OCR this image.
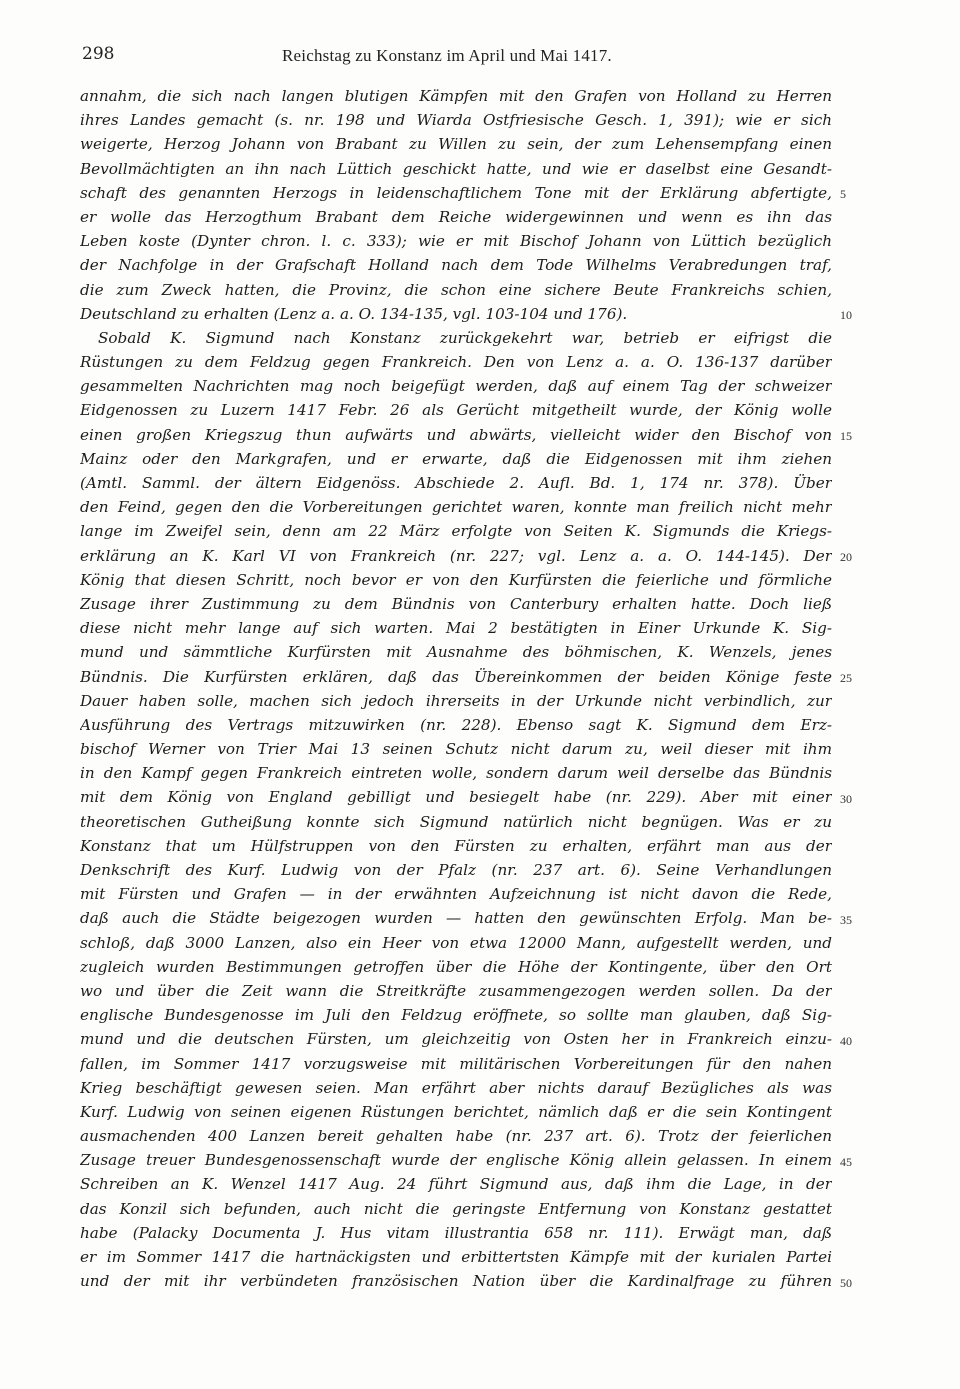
298	Reichstag zu Konstanz im April und Mai 1417.
annahm, die sich nach langen blutigen Kämpfen mit den Grafen von Holland zu Herren
ihres Landes gemacht (s. nr. 198 und Wiarda Ostfriesische Gesch. 1, 391); wie er sich
weigerte, Herzog Johann von Brabant zu Willen zu sein, der zum Lehensempfang einen
Bevollmächtigten an ihn nach Lüttich geschickt hatte, und wie er daselbst eine Gesandt-
schaft des genannten Herzogs in leidenschaftlichem Tone mit der Erklärung abfertigte,
er wolle das Herzogthum Brabant dem Reiche widergewinnen und wenn es ihn das
Leben koste (Dynter chron. l. c. 333); wie er mit Bischof Johann von Lüttich bezüglich
der Nachfolge in der Grafschaft Holland nach dem Tode Wilhelms Verabredungen traf,
die zum Zweck hatten, die Provinz, die schon eine sichere Beute Frankreichs schien,
Deutschland zu erhalten (Lenz a. a. O. 134-135, vgl. 103-104 und 176).
Sobald K. Sigmund nach Konstanz zurückgekehrt war, betrieb er eifrigst die
Rüstungen zu dem Feldzug gegen Frankreich. Den von Lenz a. a. O. 136-137 darüber
gesammelten Nachrichten mag noch beigefügt werden, daß auf einem Tag der schweizer
Eidgenossen zu Luzern 1417 Febr. 26 als Gerücht mitgetheilt wurde, der König wolle
einen großen Kriegszug thun aufwärts und abwärts, vielleicht wider den Bischof von
Mainz oder den Markgrafen, und er erwarte, daß die Eidgenossen mit ihm ziehen
(Amtl. Samml. der ältern Eidgenöss. Abschiede 2. Aufl. Bd. 1, 174 nr. 378). Über
den Feind, gegen den die Vorbereitungen gerichtet waren, konnte man freilich nicht mehr
lange im Zweifel sein, denn am 22 März erfolgte von Seiten K. Sigmunds die Kriegs-
erklärung an K. Karl VI von Frankreich (nr. 227; vgl. Lenz a. a. O. 144-145). Der
König that diesen Schritt, noch bevor er von den Kurfürsten die feierliche und förmliche
Zusage ihrer Zustimmung zu dem Bündnis von Canterbury erhalten hatte. Doch ließ
diese nicht mehr lange auf sich warten. Mai 2 bestätigten in Einer Urkunde K. Sig-
mund und sämmtliche Kurfürsten mit Ausnahme des böhmischen, K. Wenzels, jenes
Bündnis. Die Kurfürsten erklären, daß das Übereinkommen der beiden Könige feste
Dauer haben solle, machen sich jedoch ihrerseits in der Urkunde nicht verbindlich, zur
Ausführung des Vertrags mitzuwirken (nr. 228). Ebenso sagt K. Sigmund dem Erz-
bischof Werner von Trier Mai 13 seinen Schutz nicht darum zu, weil dieser mit ihm
in den Kampf gegen Frankreich eintreten wolle, sondern darum weil derselbe das Bündnis
mit dem König von England gebilligt und besiegelt habe (nr. 229). Aber mit einer
theoretischen Gutheißung konnte sich Sigmund natürlich nicht begnügen. Was er zu
Konstanz that um Hülfstruppen von den Fürsten zu erhalten, erfährt man aus der
Denkschrift des Kurf. Ludwig von der Pfalz (nr. 237 art. 6). Seine Verhandlungen
mit Fürsten und Grafen — in der erwähnten Aufzeichnung ist nicht davon die Rede,
daß auch die Städte beigezogen wurden — hatten den gewünschten Erfolg. Man be-
schloß, daß 3000 Lanzen, also ein Heer von etwa 12000 Mann, aufgestellt werden, und
zugleich wurden Bestimmungen getroffen über die Höhe der Kontingente, über den Ort
wo und über die Zeit wann die Streitkräfte zusammengezogen werden sollen. Da der
englische Bundesgenosse im Juli den Feldzug eröffnete, so sollte man glauben, daß Sig-
mund und die deutschen Fürsten, um gleichzeitig von Osten her in Frankreich einzu-
fallen, im Sommer 1417 vorzugsweise mit militärischen Vorbereitungen für den nahen
Krieg beschäftigt gewesen seien. Man erfährt aber nichts darauf Bezügliches als was
Kurf. Ludwig von seinen eigenen Rüstungen berichtet, nämlich daß er die sein Kontingent
ausmachenden 400 Lanzen bereit gehalten habe (nr. 237 art. 6). Trotz der feierlichen
Zusage treuer Bundesgenossenschaft wurde der englische König allein gelassen. In einem
Schreiben an K. Wenzel 1417 Aug. 24 führt Sigmund aus, daß ihm die Lage, in der
das Konzil sich befunden, auch nicht die geringste Entfernung von Konstanz gestattet
habe (Palacky Documenta J. Hus vitam illustrantia 658 nr. 111). Erwägt man, daß
er im Sommer 1417 die hartnäckigsten und erbittertsten Kämpfe mit der kurialen Partei
und der mit ihr verbündeten französischen Nation über die Kardinalfrage zu führen
5
10
15
20
25
30
35
40
45
50
